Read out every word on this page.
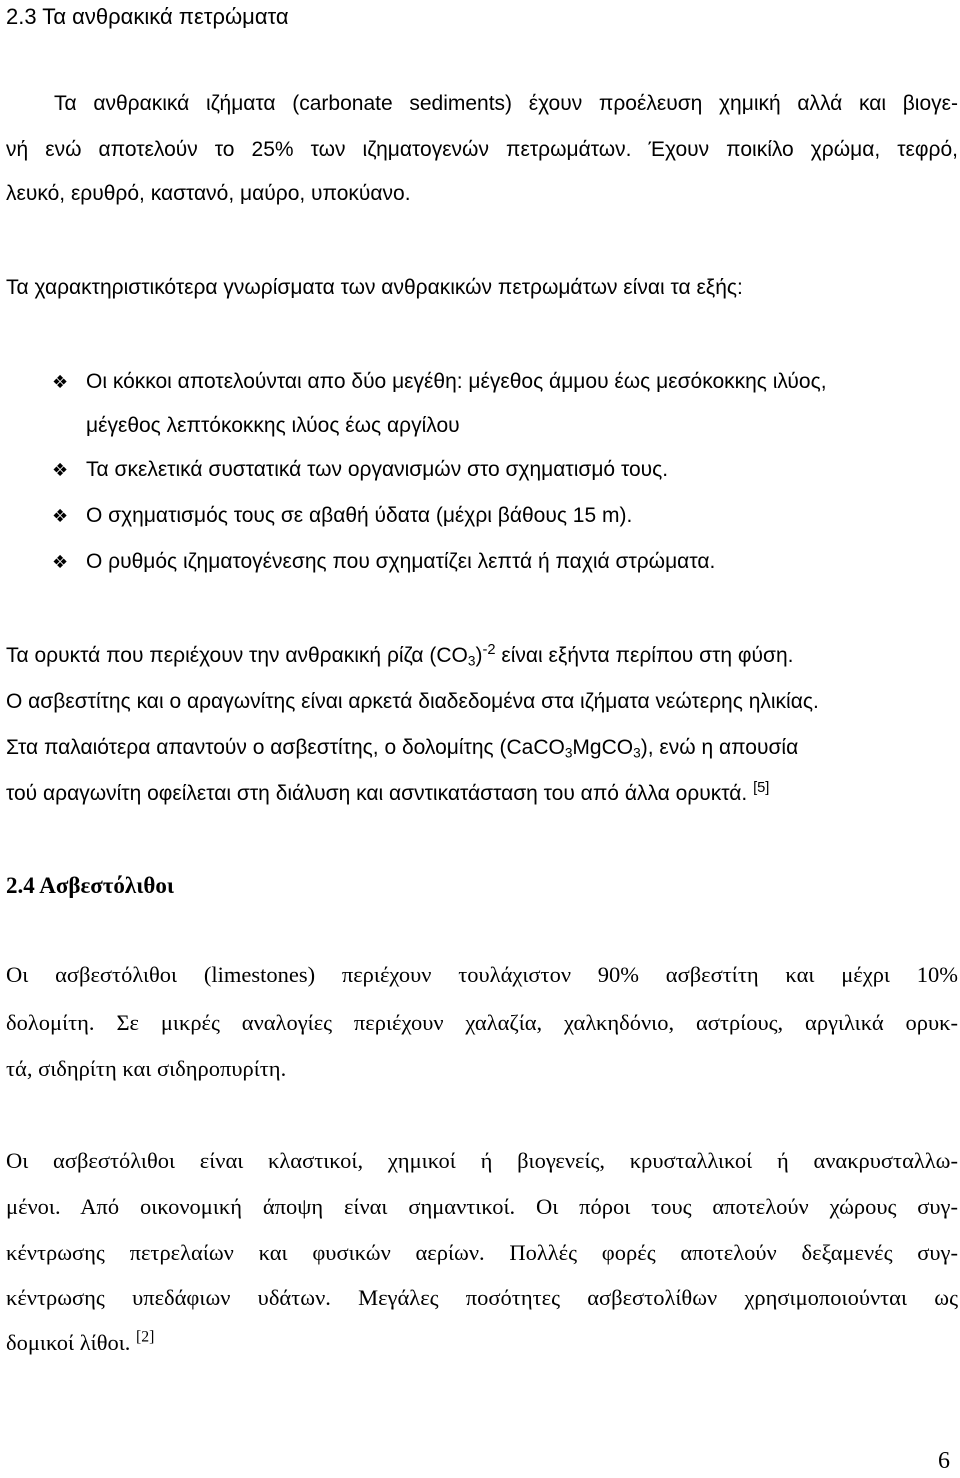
2.3 Τα ανθρακικά πετρώματα
Τα ανθρακικά ιζήματα (carbonate sediments) έχουν προέλευση χημική αλλά και βιογε-
νή ενώ αποτελούν το 25% των ιζηματογενών πετρωμάτων. Έχουν ποικίλο χρώμα, τεφρό,
λευκό, ερυθρό, καστανό, μαύρο, υποκύανο.
Τα χαρακτηριστικότερα γνωρίσματα των ανθρακικών πετρωμάτων είναι τα εξής:
❖ Οι κόκκοι αποτελούνται απο δύο μεγέθη: μέγεθος άμμου έως μεσόκοκκης ιλύος,
μέγεθος λεπτόκοκκης ιλύος έως αργίλου
❖ Τα σκελετικά συστατικά των οργανισμών στο σχηματισμό τους.
❖ Ο σχηματισμός τους σε αβαθή ύδατα (μέχρι βάθους 15 m).
❖ Ο ρυθμός ιζηματογένεσης που σχηματίζει λεπτά ή παχιά στρώματα.
Τα ορυκτά που περιέχουν την ανθρακική ρίζα $(CO_3)^{-2}$ είναι εξήντα περίπου στη φύση.
Ο ασβεστίτης και ο αραγωνίτης είναι αρκετά διαδεδομένα στα ιζήματα νεώτερης ηλικίας.
Στα παλαιότερα απαντούν ο ασβεστίτης, ο δολομίτης (CaCO$_3$MgCO$_3$), ενώ η απουσία
τού αραγωνίτη οφείλεται στη διάλυση και ασντικατάσταση του από άλλα ορυκτά. [5]
2.4 Ασβεστόλιθοι
Οι ασβεστόλιθοι (limestones) περιέχουν τουλάχιστον 90% ασβεστίτη και μέχρι 10%
δολομίτη. Σε μικρές αναλογίες περιέχουν χαλαζία, χαλκηδόνιο, αστρίους, αργιλικά ορυκ-
τά, σιδηρίτη και σιδηροπυρίτη.
Οι ασβεστόλιθοι είναι κλαστικοί, χημικοί ή βιογενείς, κρυσταλλικοί ή ανακρυσταλλω-
μένοι. Από οικονομική άποψη είναι σημαντικοί. Οι πόροι τους αποτελούν χώρους συγ-
κέντρωσης πετρελαίων και φυσικών αερίων. Πολλές φορές αποτελούν δεξαμενές συγ-
κέντρωσης υπεδάφιων υδάτων. Μεγάλες ποσότητες ασβεστολίθων χρησιμοποιούνται ως
δομικοί λίθοι. [2]
6
